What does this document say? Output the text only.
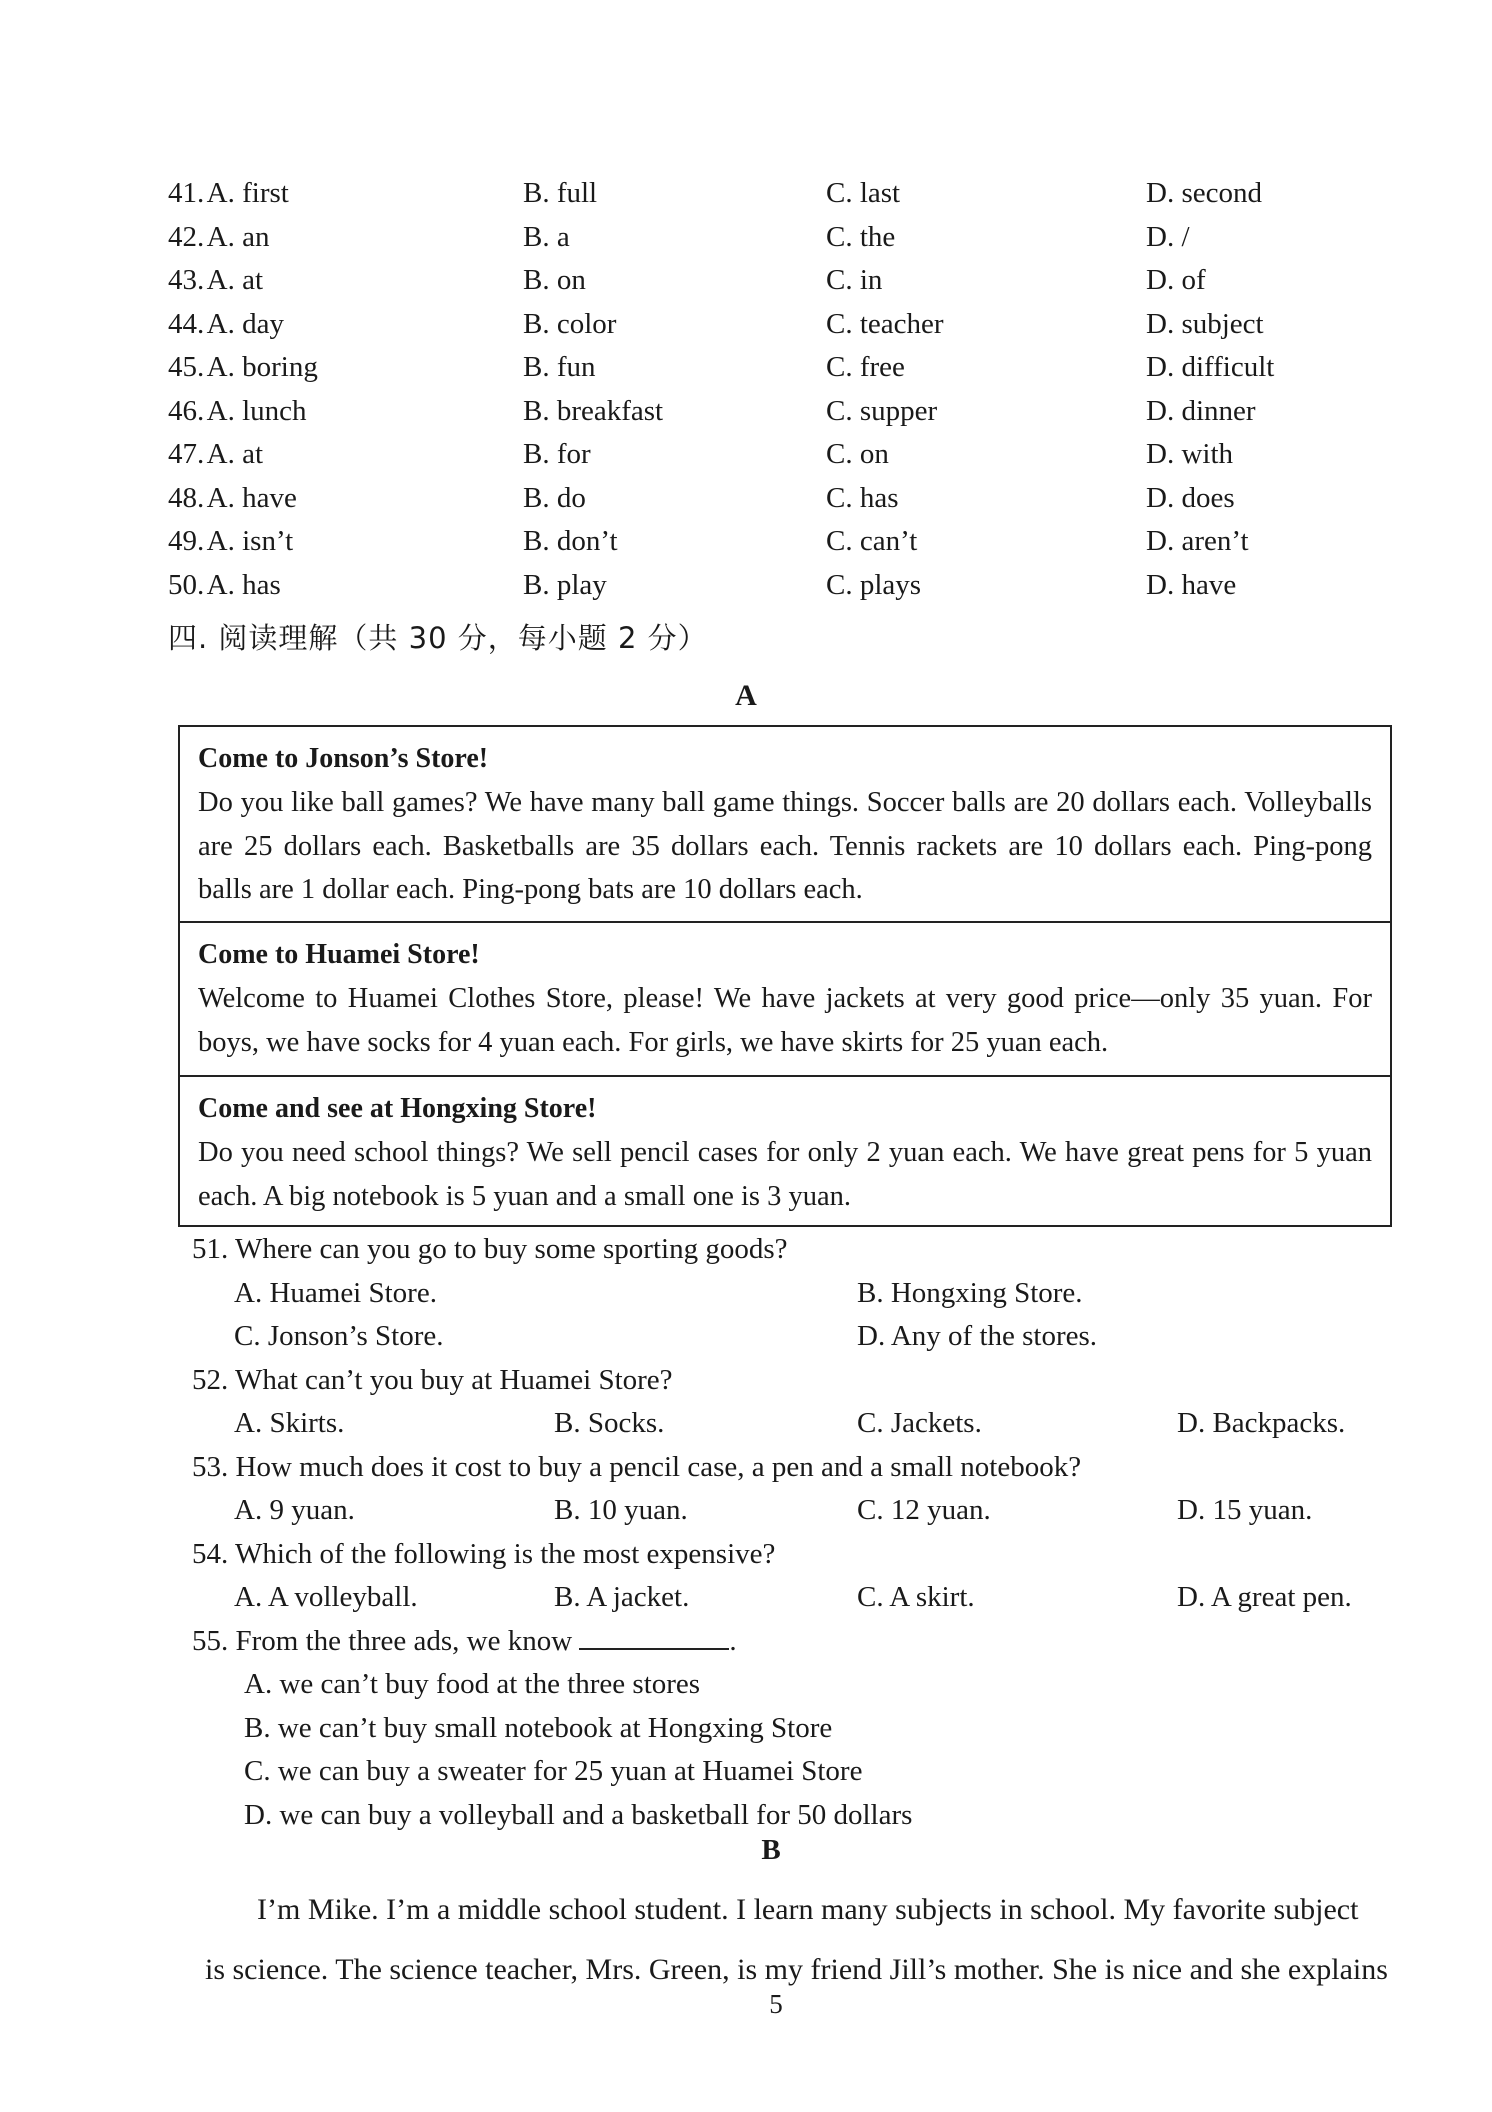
41. A. first	B. full	C. last	D. second
42. A. an	B. a	C. the	D. /
43. A. at	B. on	C. in	D. of
44. A. day	B. color	C. teacher	D. subject
45. A. boring	B. fun	C. free	D. difficult
46. A. lunch	B. breakfast	C. supper	D. dinner
47. A. at	B. for	C. on	D. with
48. A. have	B. do	C. has	D. does
49. A. isn’t	B. don’t	C. can’t	D. aren’t
50. A. has	B. play	C. plays	D. have
四. 阅读理解（共 30 分，每小题 2 分）
A
Come to Jonson’s Store!
Do you like ball games? We have many ball game things. Soccer balls are 20 dollars each. Volleyballs are 25 dollars each. Basketballs are 35 dollars each. Tennis rackets are 10 dollars each. Ping-pong balls are 1 dollar each. Ping-pong bats are 10 dollars each.
Come to Huamei Store!
Welcome to Huamei Clothes Store, please! We have jackets at very good price—only 35 yuan. For boys, we have socks for 4 yuan each. For girls, we have skirts for 25 yuan each.
Come and see at Hongxing Store!
Do you need school things? We sell pencil cases for only 2 yuan each. We have great pens for 5 yuan each. A big notebook is 5 yuan and a small one is 3 yuan.
51. Where can you go to buy some sporting goods?
A. Huamei Store.	B. Hongxing Store.
C. Jonson’s Store.	D. Any of the stores.
52. What can’t you buy at Huamei Store?
A. Skirts.	B. Socks.	C. Jackets.	D. Backpacks.
53. How much does it cost to buy a pencil case, a pen and a small notebook?
A. 9 yuan.	B. 10 yuan.	C. 12 yuan.	D. 15 yuan.
54. Which of the following is the most expensive?
A. A volleyball.	B. A jacket.	C. A skirt.	D. A great pen.
55. From the three ads, we know	.
A. we can’t buy food at the three stores
B. we can’t buy small notebook at Hongxing Store
C. we can buy a sweater for 25 yuan at Huamei Store
D. we can buy a volleyball and a basketball for 50 dollars
B
I’m Mike. I’m a middle school student. I learn many subjects in school. My favorite subject
is science. The science teacher, Mrs. Green, is my friend Jill’s mother. She is nice and she explains
5
